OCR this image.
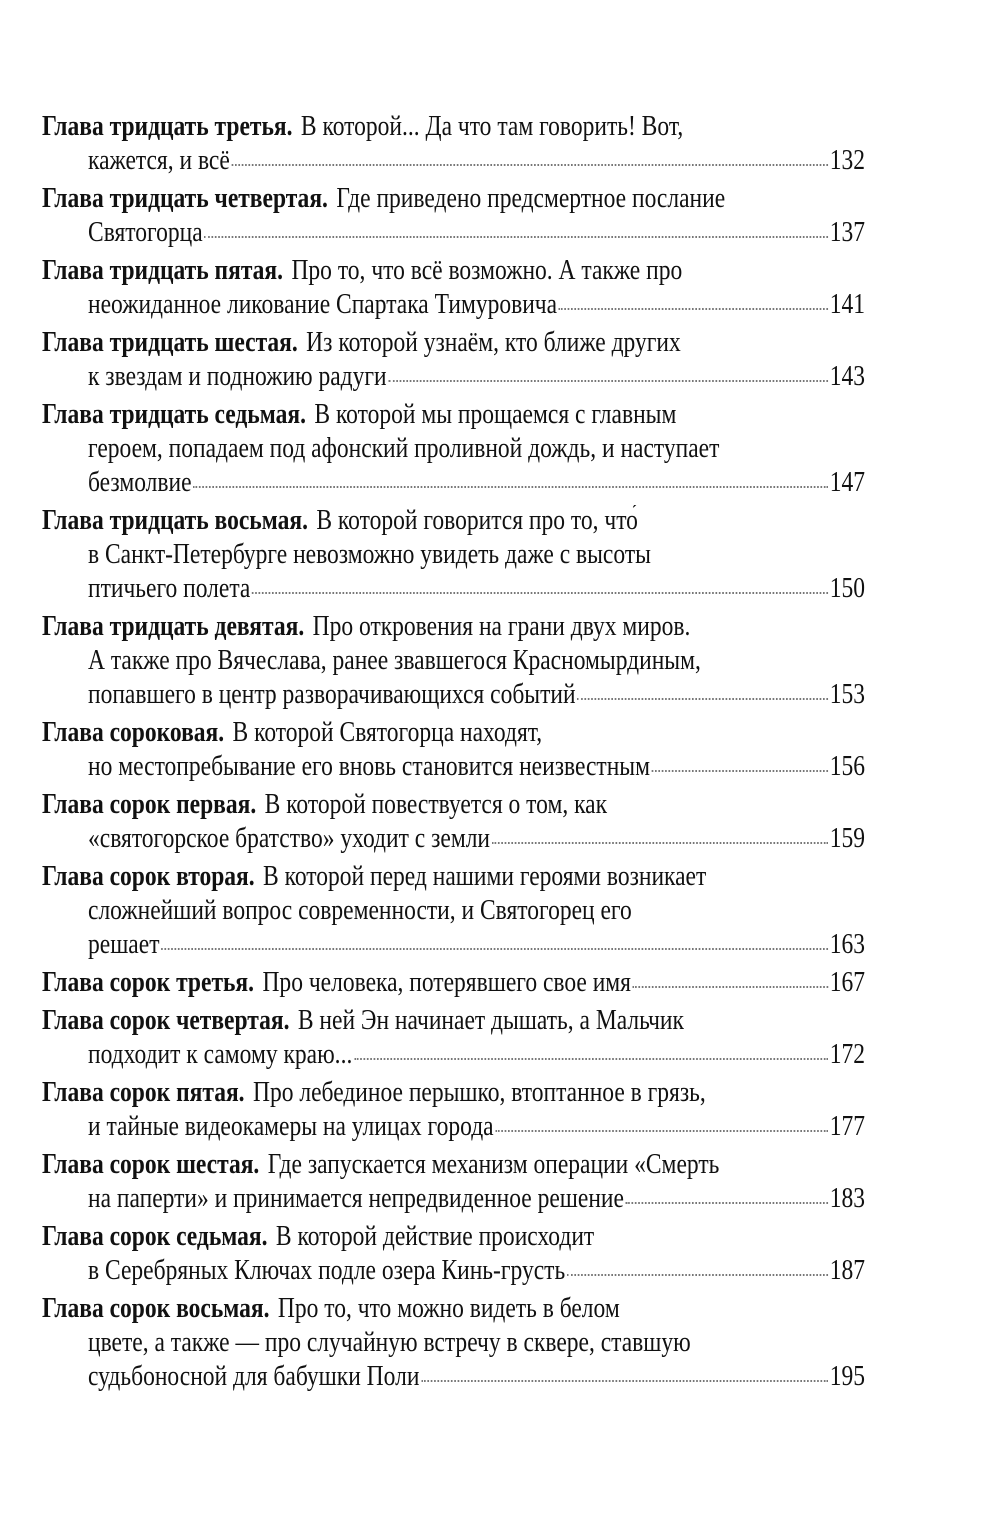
Глава тридцать третья. В которой... Да что там говорить! Вот,
кажется, и всё	132
Глава тридцать четвертая. Где приведено предсмертное послание
Святогорца	137
Глава тридцать пятая. Про то, что всё возможно. А также про
неожиданное ликование Спартака Тимуровича	141
Глава тридцать шестая. Из которой узнаём, кто ближе других
к звездам и подножию радуги	143
Глава тридцать седьмая. В которой мы прощаемся с главным
героем, попадаем под афонский проливной дождь, и наступает
безмолвие	147
Глава тридцать восьмая. В которой говорится про то, что́
в Санкт-Петербурге невозможно увидеть даже с высоты
птичьего полета	150
Глава тридцать девятая. Про откровения на грани двух миров.
А также про Вячеслава, ранее звавшегося Красномырдиным,
попавшего в центр разворачивающихся событий	153
Глава сороковая. В которой Святогорца находят,
но местопребывание его вновь становится неизвестным	156
Глава сорок первая. В которой повествуется о том, как
«святогорское братство» уходит с земли	159
Глава сорок вторая. В которой перед нашими героями возникает
сложнейший вопрос современности, и Святогорец его
решает	163
Глава сорок третья. Про человека, потерявшего свое имя	167
Глава сорок четвертая. В ней Эн начинает дышать, а Мальчик
подходит к самому краю...	172
Глава сорок пятая. Про лебединое перышко, втоптанное в грязь,
и тайные видеокамеры на улицах города	177
Глава сорок шестая. Где запускается механизм операции «Смерть
на паперти» и принимается непредвиденное решение	183
Глава сорок седьмая. В которой действие происходит
в Серебряных Ключах подле озера Кинь-грусть	187
Глава сорок восьмая. Про то, что можно видеть в белом
цвете, а также — про случайную встречу в сквере, ставшую
судьбоносной для бабушки Поли	195
